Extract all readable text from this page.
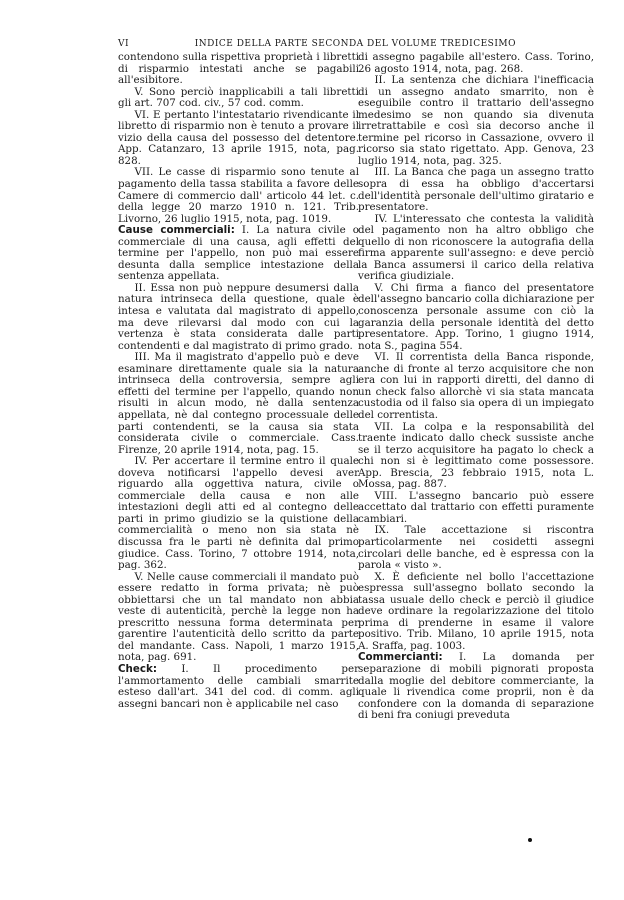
VI	INDICE DELLA PARTE SECONDA DEL VOLUME TREDICESIMO

contendono sulla rispettiva proprietà i libretti di risparmio intestati anche se pagabili all'esibitore.

V. Sono perciò inapplicabili a tali libretti gli art. 707 cod. civ., 57 cod. comm.

VI. E pertanto l'intestatario rivendicante il libretto di risparmio non è tenuto a provare il vizio della causa del possesso del detentore. App. Catanzaro, 13 aprile 1915, nota, pag. 828.

VII. Le casse di risparmio sono tenute al pagamento della tassa stabilita a favore delle Camere di commercio dall' articolo 44 let. c. della legge 20 marzo 1910 n. 121. Trib. Livorno, 26 luglio 1915, nota, pag. 1019.

Cause commerciali: I. La natura civile o commerciale di una causa, agli effetti del termine per l'appello, non può mai essere desunta dalla semplice intestazione della sentenza appellata.

II. Essa non può neppure desumersi dalla natura intrinseca della questione, quale è intesa e valutata dal magistrato di appello, ma deve rilevarsi dal modo con cui la vertenza è stata considerata dalle parti contendenti e dal magistrato di primo grado.

III. Ma il magistrato d'appello può e deve esaminare direttamente quale sia la natura intrinseca della controversia, sempre agli effetti del termine per l'appello, quando non risulti in alcun modo, nè dalla sentenza appellata, nè dal contegno processuale delle parti contendenti, se la causa sia stata considerata civile o commerciale. Cass. Firenze, 20 aprile 1914, nota, pag. 15.

IV. Per accertare il termine entro il quale doveva notificarsi l'appello devesi aver riguardo alla oggettiva natura, civile o commerciale della causa e non alle intestazioni degli atti ed al contegno delle parti in primo giudizio se la quistione della commercialità o meno non sia stata nè discussa fra le parti nè definita dal primo giudice. Cass. Torino, 7 ottobre 1914, nota, pag. 362.

V. Nelle cause commerciali il mandato può essere redatto in forma privata; nè può obbiettarsi che un tal mandato non abbia veste di autenticità, perchè la legge non ha prescritto nessuna forma determinata per garentire l'autenticità dello scritto da parte del mandante. Cass. Napoli, 1 marzo 1915, nota, pag. 691.

Check: I. Il procedimento per l'ammortamento delle cambiali smarrite esteso dall'art. 341 del cod. di comm. agli assegni bancari non è applicabile nel caso

di assegno pagabile all'estero. Cass. Torino, 26 agosto 1914, nota, pag. 268.

II. La sentenza che dichiara l'inefficacia di un assegno andato smarrito, non è eseguibile contro il trattario dell'assegno medesimo se non quando sia divenuta irretrattabile e così sia decorso anche il termine pel ricorso in Cassazione, ovvero il ricorso sia stato rigettato. App. Genova, 23 luglio 1914, nota, pag. 325.

III. La Banca che paga un assegno tratto sopra di essa ha obbligo d'accertarsi dell'identità personale dell'ultimo giratario e presentatore.

IV. L'interessato che contesta la validità del pagamento non ha altro obbligo che quello di non riconoscere la autografia della firma apparente sull'assegno: e deve perciò la Banca assumersi il carico della relativa verifica giudiziale.

V. Chi firma a fianco del presentatore dell'assegno bancario colla dichiarazione per conoscenza personale assume con ciò la garanzia della personale identità del detto presentatore. App. Torino, 1 giugno 1914, nota S., pagina 554.

VI. Il correntista della Banca risponde, anche di fronte al terzo acquisitore che non era con lui in rapporti diretti, del danno di un check falso allorchè vi sia stata mancata custodia od il falso sia opera di un impiegato del correntista.

VII. La colpa e la responsabilità del traente indicato dallo check sussiste anche se il terzo acquisitore ha pagato lo check a chi non si è legittimato come possessore. App. Brescia, 23 febbraio 1915, nota L. Mossa, pag. 887.

VIII. L'assegno bancario può essere accettato dal trattario con effetti puramente cambiari.

IX. Tale accettazione si riscontra particolarmente nei cosidetti assegni circolari delle banche, ed è espressa con la parola « visto ».

X. È deficiente nel bollo l'accettazione espressa sull'assegno bollato secondo la tassa usuale dello check e perciò il giudice deve ordinare la regolarizzazione del titolo prima di prenderne in esame il valore positivo. Trib. Milano, 10 aprile 1915, nota A. Sraffa, pag. 1003.

Commercianti: I. La domanda per separazione di mobili pignorati proposta dalla moglie del debitore commerciante, la quale li rivendica come proprii, non è da confondere con la domanda di separazione di beni fra coniugi preveduta
